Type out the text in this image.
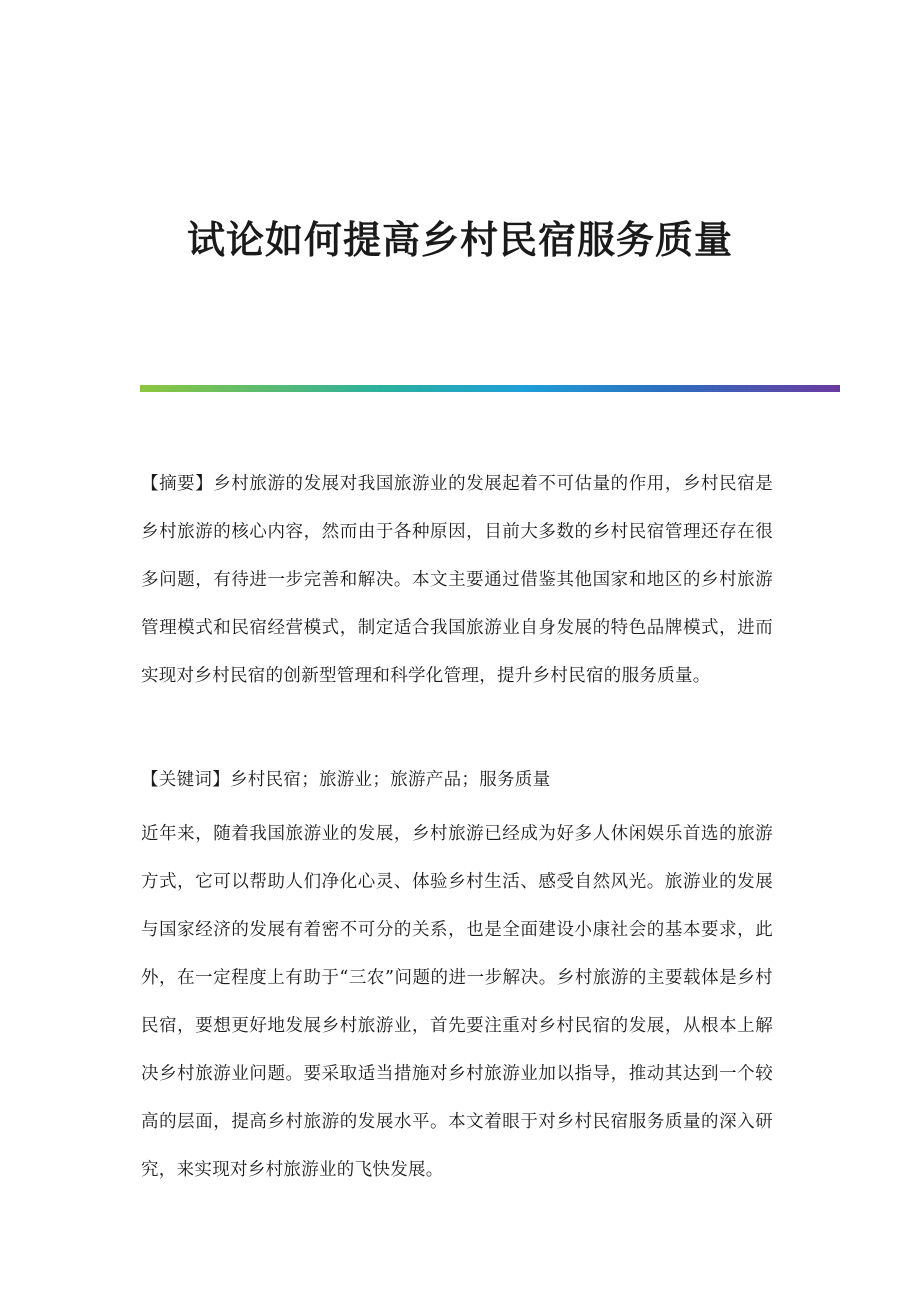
试论如何提高乡村民宿服务质量

【摘要】乡村旅游的发展对我国旅游业的发展起着不可估量的作用，乡村民宿是乡村旅游的核心内容，然而由于各种原因，目前大多数的乡村民宿管理还存在很多问题，有待进一步完善和解决。本文主要通过借鉴其他国家和地区的乡村旅游管理模式和民宿经营模式，制定适合我国旅游业自身发展的特色品牌模式，进而实现对乡村民宿的创新型管理和科学化管理，提升乡村民宿的服务质量。

【关键词】乡村民宿；旅游业；旅游产品；服务质量

近年来，随着我国旅游业的发展，乡村旅游已经成为好多人休闲娱乐首选的旅游方式，它可以帮助人们净化心灵、体验乡村生活、感受自然风光。旅游业的发展与国家经济的发展有着密不可分的关系，也是全面建设小康社会的基本要求，此外，在一定程度上有助于“三农”问题的进一步解决。乡村旅游的主要载体是乡村民宿，要想更好地发展乡村旅游业，首先要注重对乡村民宿的发展，从根本上解决乡村旅游业问题。要采取适当措施对乡村旅游业加以指导，推动其达到一个较高的层面，提高乡村旅游的发展水平。本文着眼于对乡村民宿服务质量的深入研究，来实现对乡村旅游业的飞快发展。
